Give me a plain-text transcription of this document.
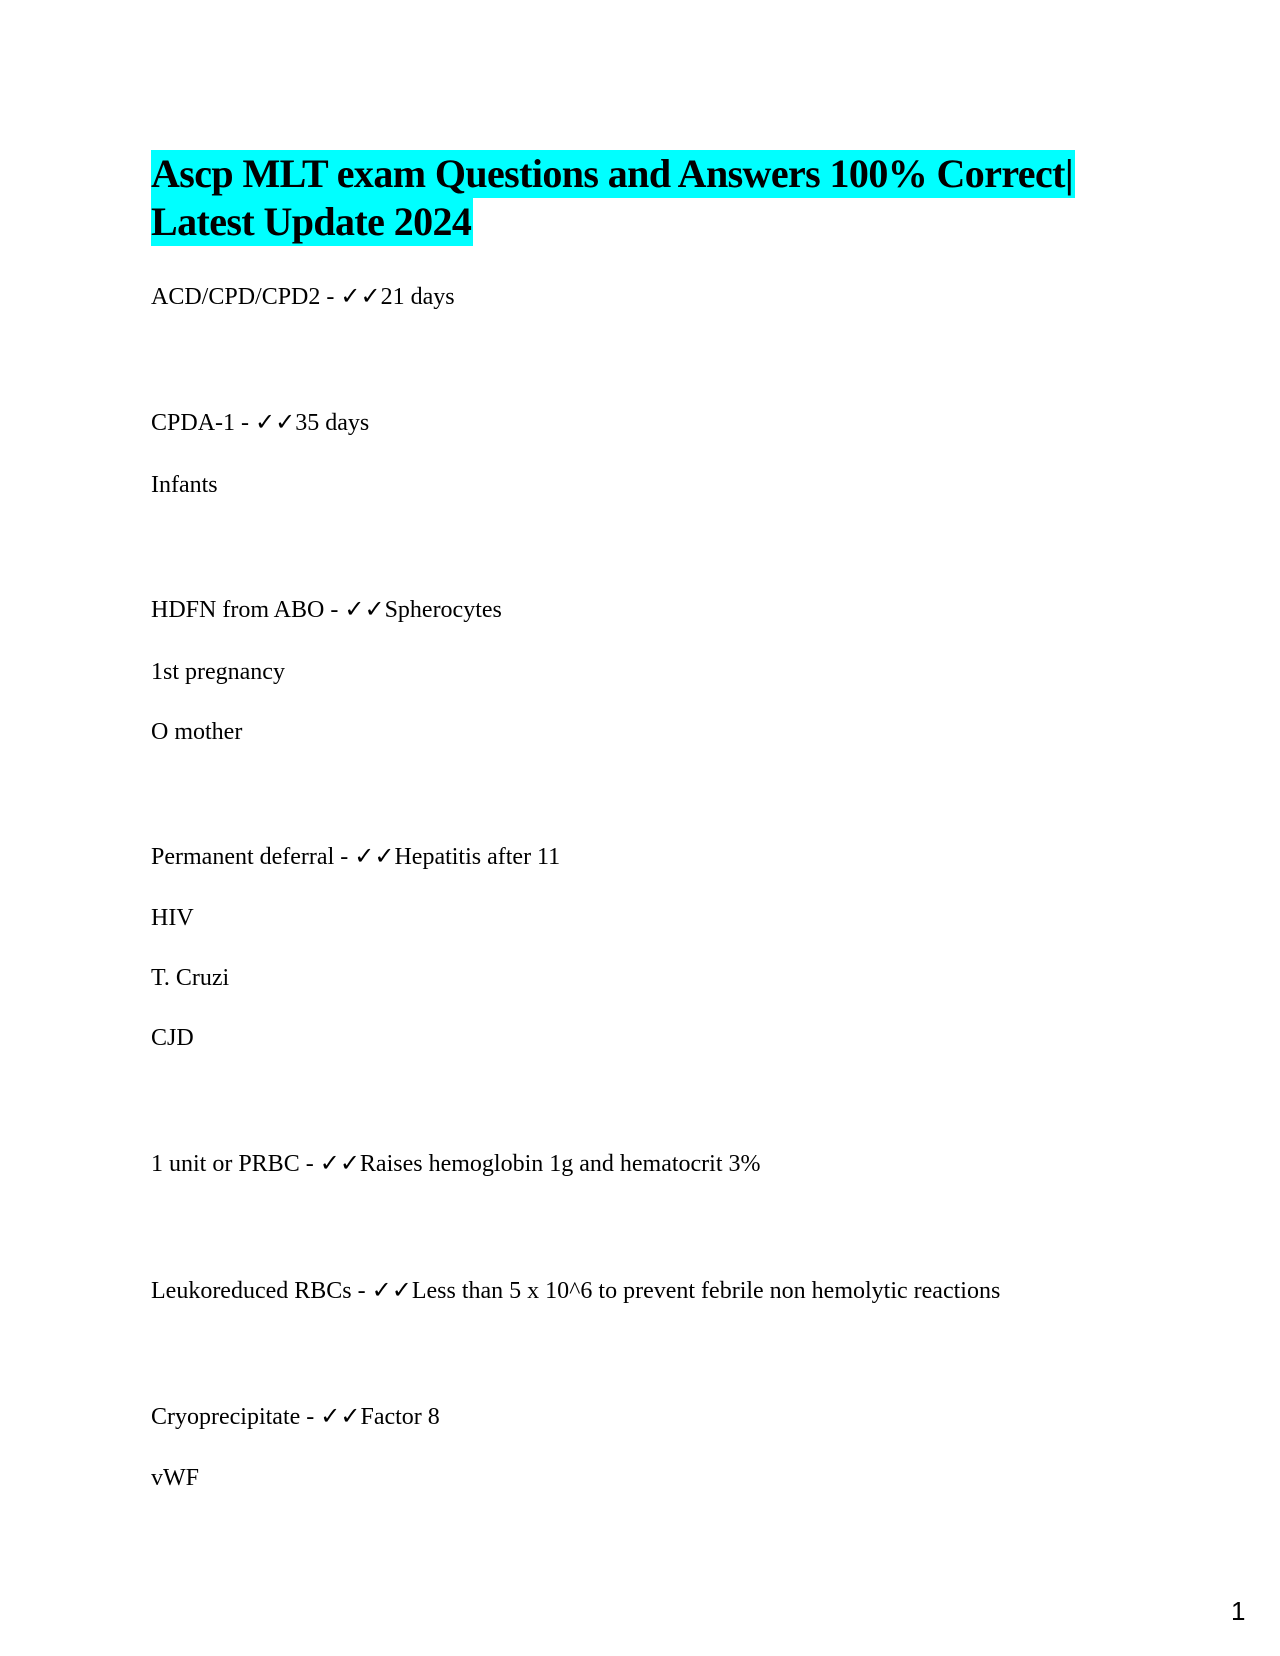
Ascp MLT exam Questions and Answers 100% Correct|
Latest Update 2024
ACD/CPD/CPD2 - ✓✓21 days
CPDA-1 - ✓✓35 days
Infants
HDFN from ABO - ✓✓Spherocytes
1st pregnancy
O mother
Permanent deferral - ✓✓Hepatitis after 11
HIV
T. Cruzi
CJD
1 unit or PRBC - ✓✓Raises hemoglobin 1g and hematocrit 3%
Leukoreduced RBCs - ✓✓Less than 5 x 10^6 to prevent febrile non hemolytic reactions
Cryoprecipitate - ✓✓Factor 8
vWF
1
